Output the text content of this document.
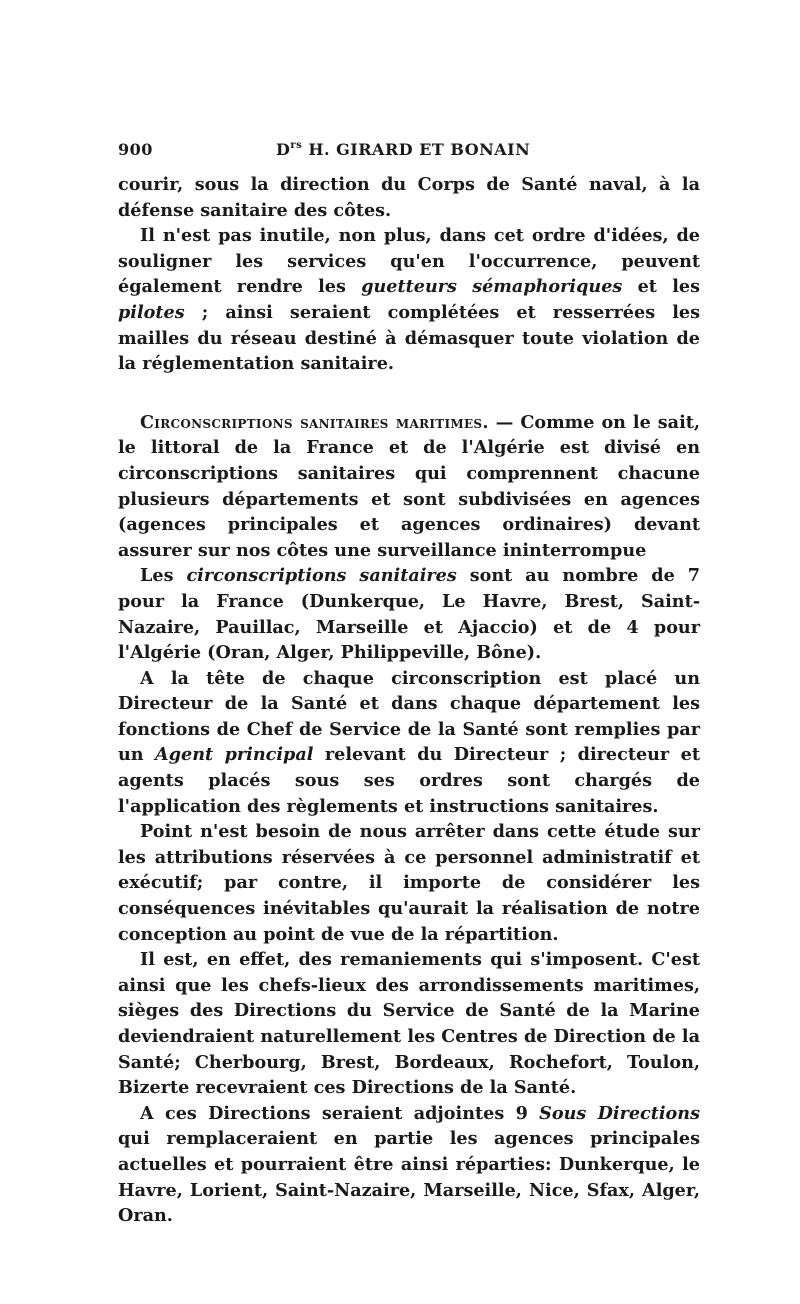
900	$D^{rs}$ H. GIRARD ET BONAIN

courir, sous la direction du Corps de Santé naval, à la défense sanitaire des côtes.

Il n'est pas inutile, non plus, dans cet ordre d'idées, de souligner les services qu'en l'occurrence, peuvent également rendre les guetteurs sémaphoriques et les pilotes ; ainsi seraient complétées et resserrées les mailles du réseau destiné à démasquer toute violation de la réglementation sanitaire.

Circonscriptions sanitaires maritimes. — Comme on le sait, le littoral de la France et de l'Algérie est divisé en circonscriptions sanitaires qui comprennent chacune plusieurs départements et sont subdivisées en agences (agences principales et agences ordinaires) devant assurer sur nos côtes une surveillance ininterrompue

Les circonscriptions sanitaires sont au nombre de 7 pour la France (Dunkerque, Le Havre, Brest, Saint-Nazaire, Pauillac, Marseille et Ajaccio) et de 4 pour l'Algérie (Oran, Alger, Philippeville, Bône).

A la tête de chaque circonscription est placé un Directeur de la Santé et dans chaque département les fonctions de Chef de Service de la Santé sont remplies par un Agent principal relevant du Directeur ; directeur et agents placés sous ses ordres sont chargés de l'application des règlements et instructions sanitaires.

Point n'est besoin de nous arrêter dans cette étude sur les attributions réservées à ce personnel administratif et exécutif; par contre, il importe de considérer les conséquences inévitables qu'aurait la réalisation de notre conception au point de vue de la répartition.

Il est, en effet, des remaniements qui s'imposent. C'est ainsi que les chefs-lieux des arrondissements maritimes, sièges des Directions du Service de Santé de la Marine deviendraient naturellement les Centres de Direction de la Santé; Cherbourg, Brest, Bordeaux, Rochefort, Toulon, Bizerte recevraient ces Directions de la Santé.

A ces Directions seraient adjointes 9 Sous Directions qui remplaceraient en partie les agences principales actuelles et pourraient être ainsi réparties: Dunkerque, le Havre, Lorient, Saint-Nazaire, Marseille, Nice, Sfax, Alger, Oran.
